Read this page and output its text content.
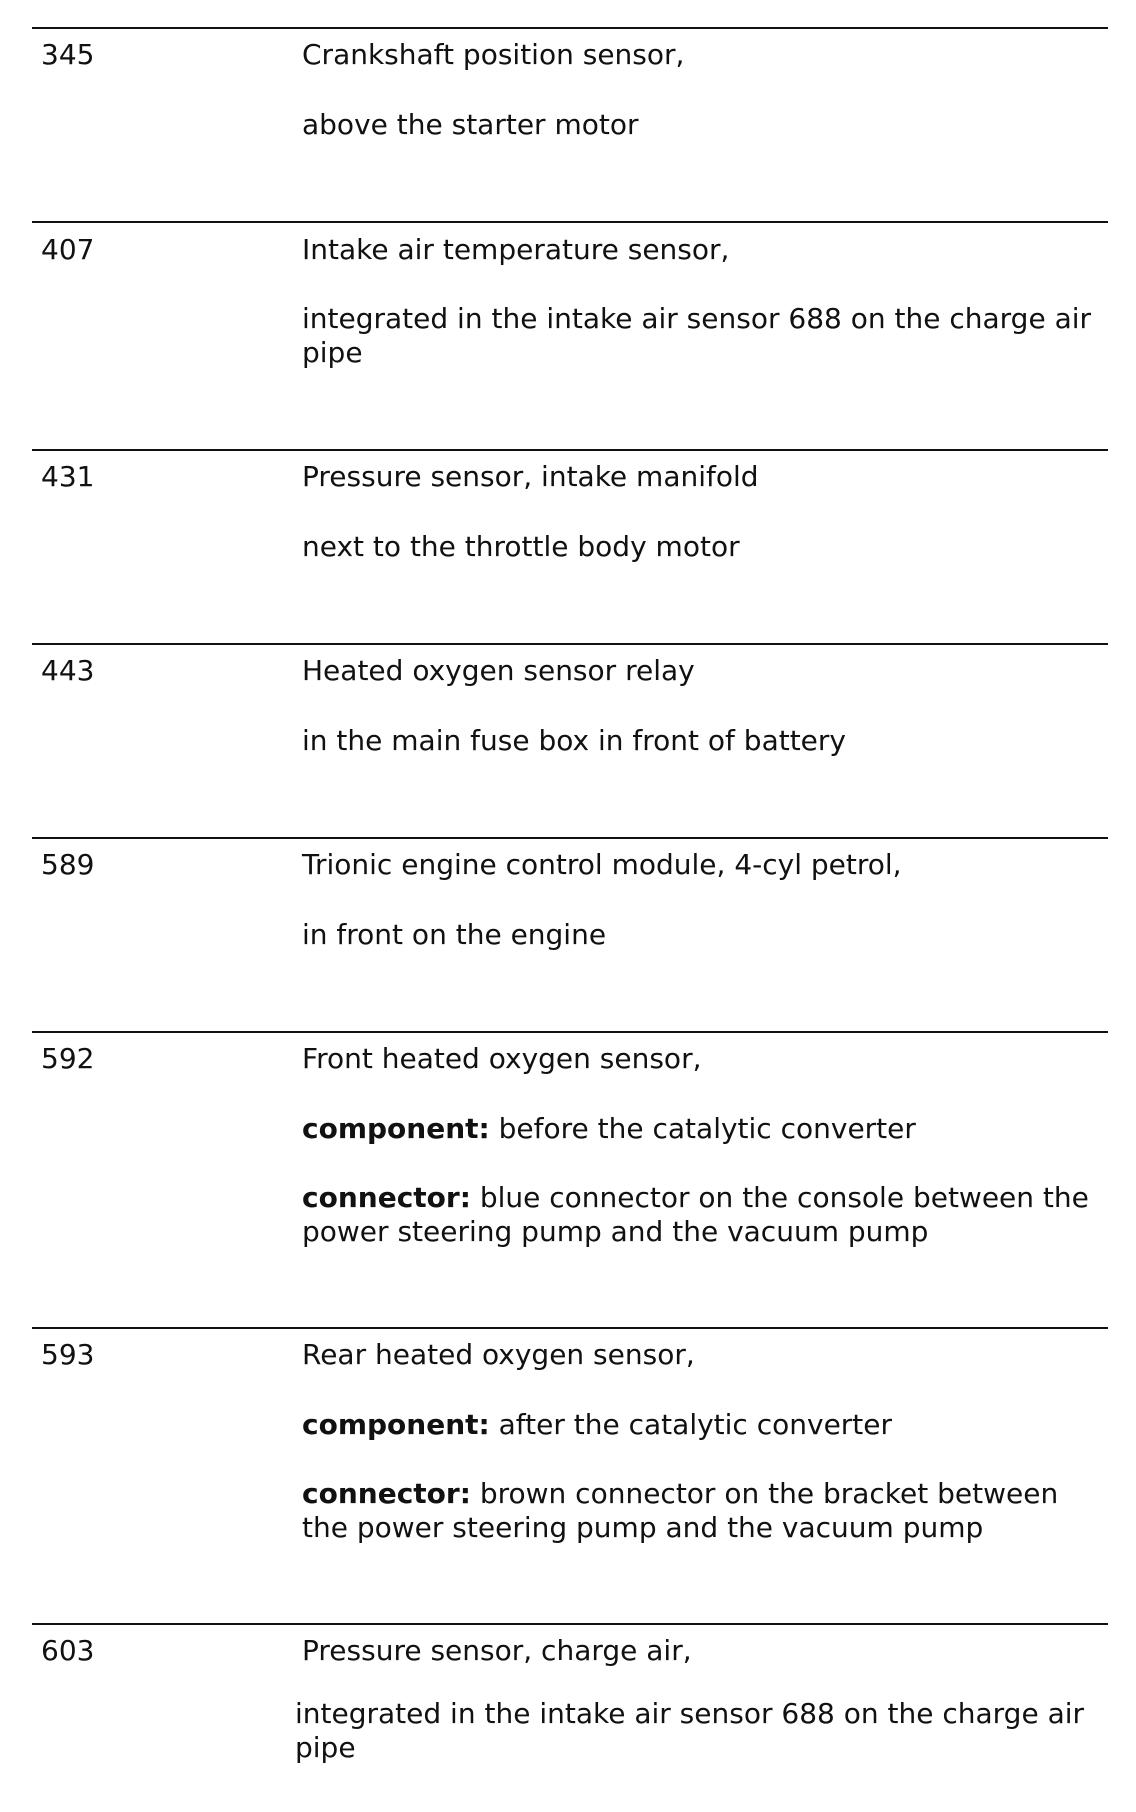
345	Crankshaft position sensor,
above the starter motor
407	Intake air temperature sensor,
integrated in the intake air sensor 688 on the charge air pipe
431	Pressure sensor, intake manifold
next to the throttle body motor
443	Heated oxygen sensor relay
in the main fuse box in front of battery
589	Trionic engine control module, 4-cyl petrol,
in front on the engine
592	Front heated oxygen sensor,
component: before the catalytic converter
connector: blue connector on the console between the power steering pump and the vacuum pump
593	Rear heated oxygen sensor,
component: after the catalytic converter
connector: brown connector on the bracket between the power steering pump and the vacuum pump
603	Pressure sensor, charge air,
integrated in the intake air sensor 688 on the charge air pipe
